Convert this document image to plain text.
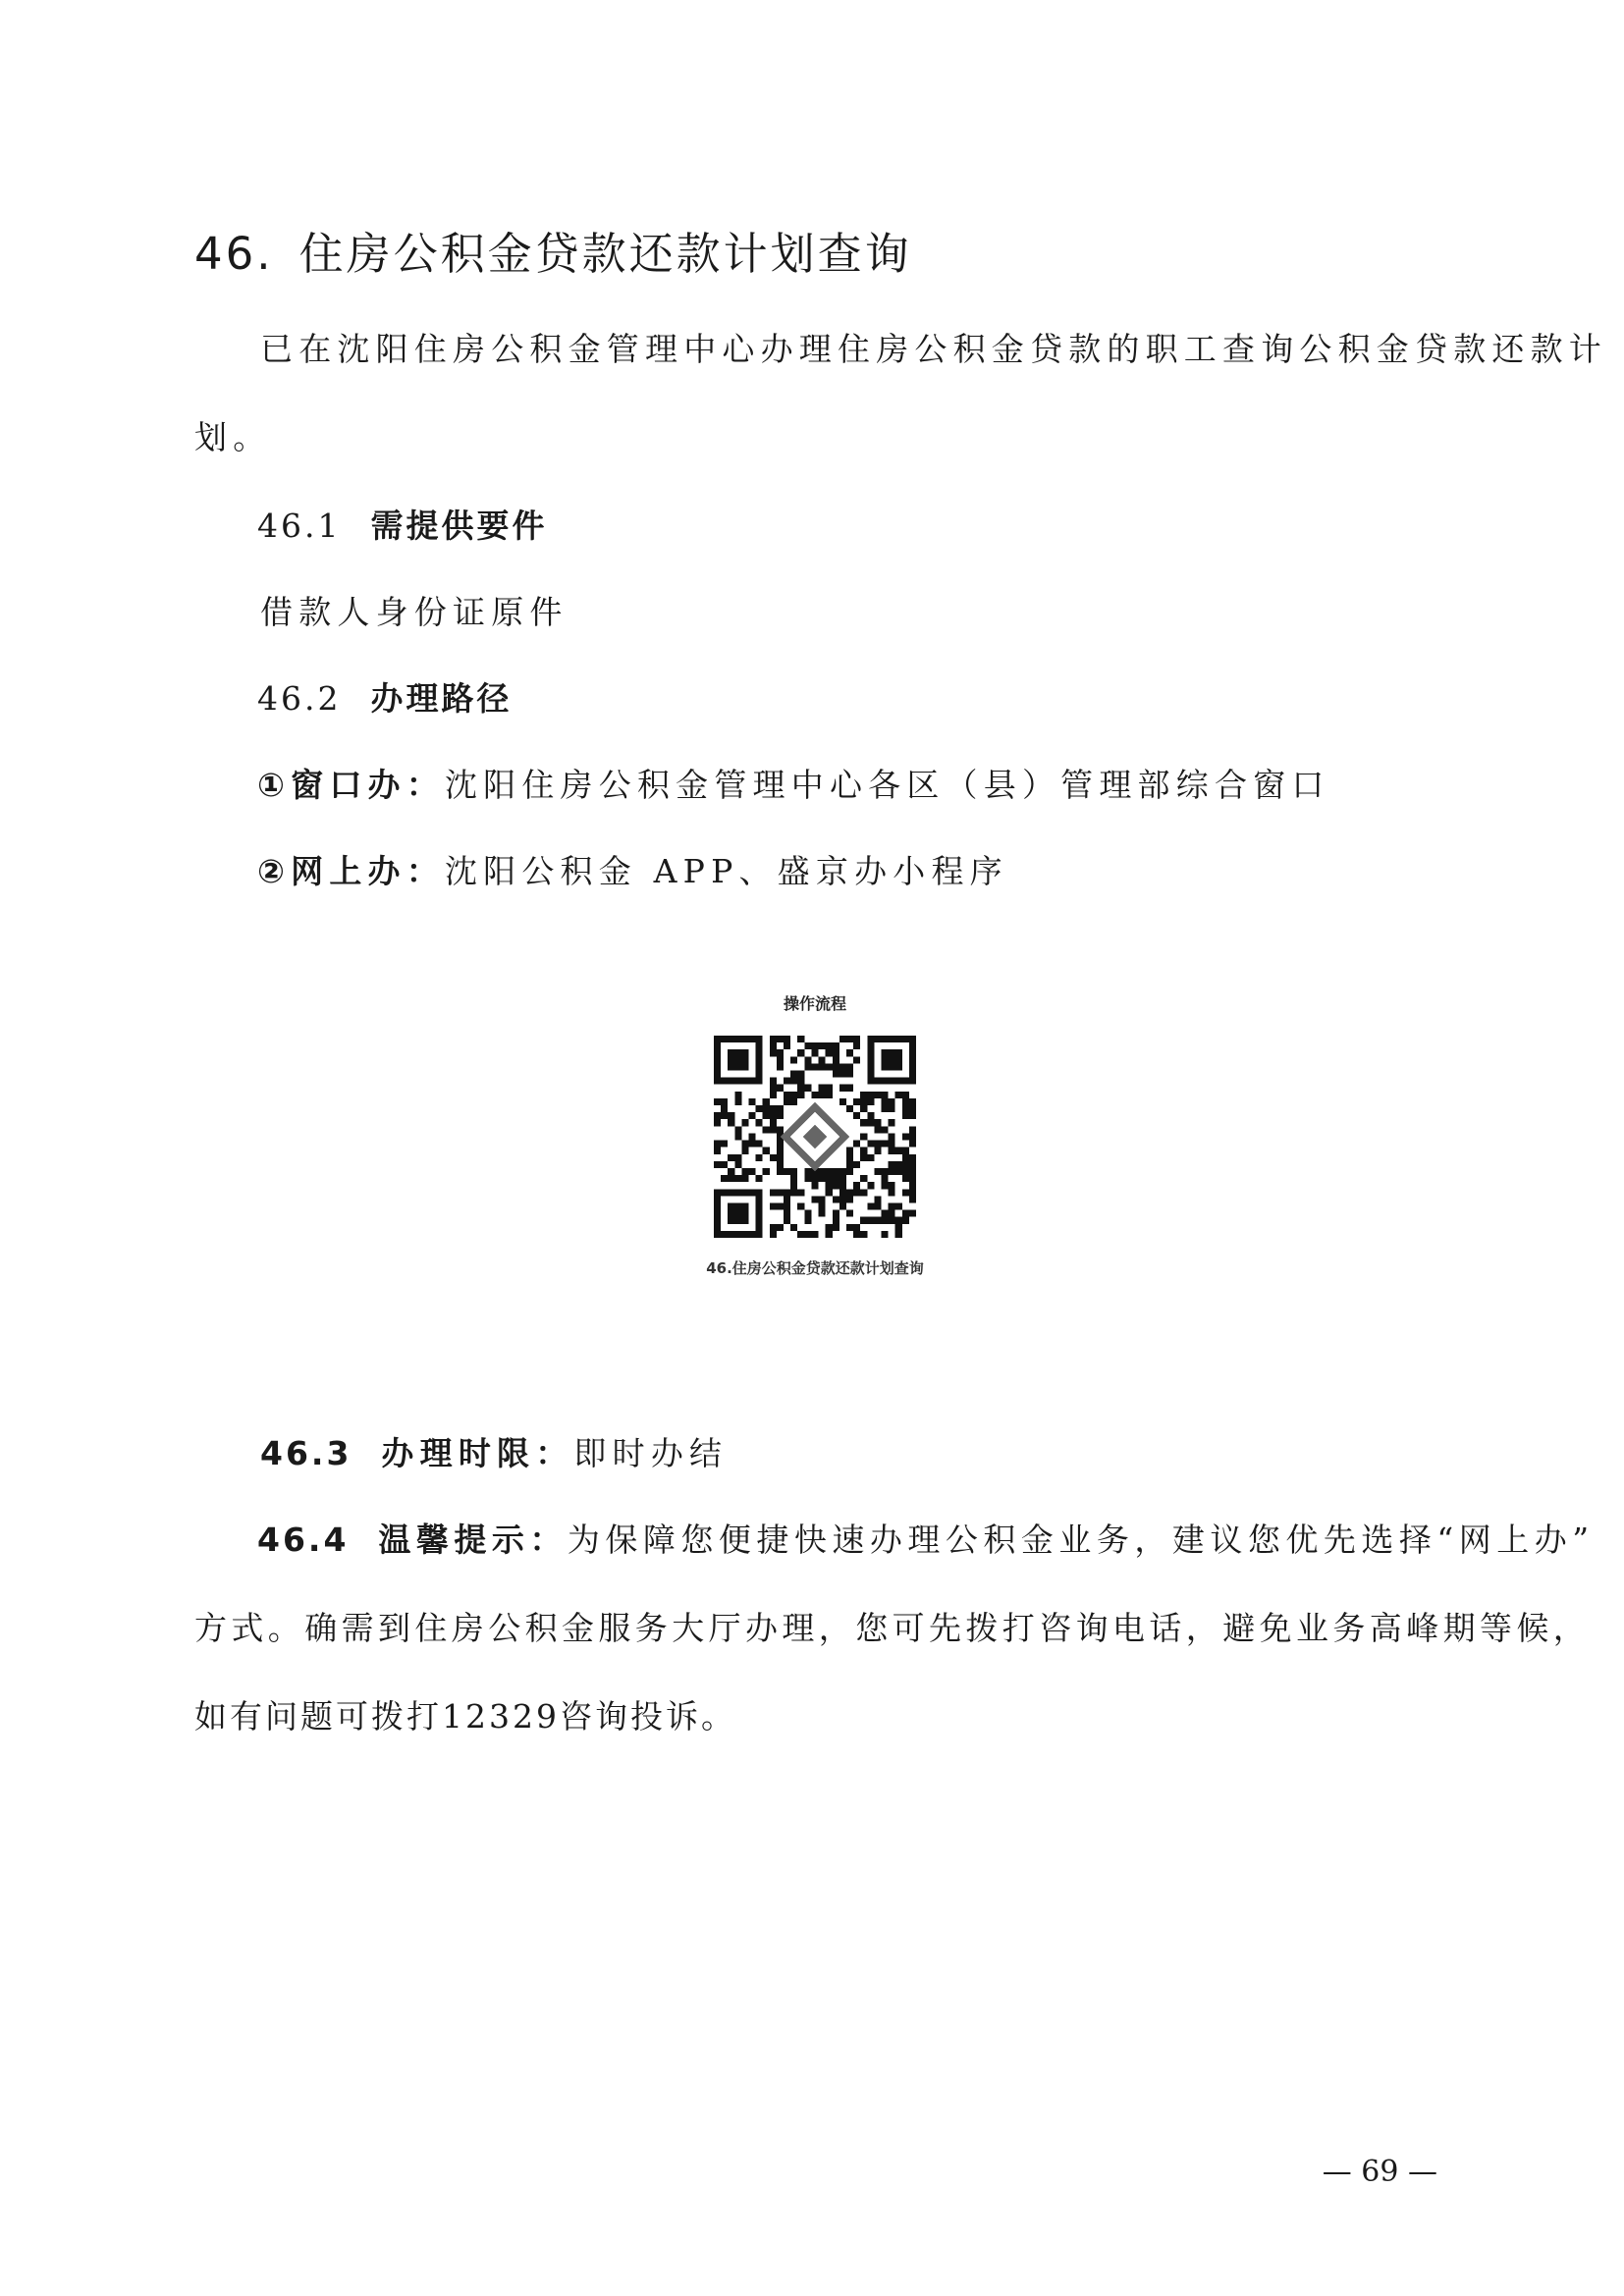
46. 住房公积金贷款还款计划查询
已在沈阳住房公积金管理中心办理住房公积金贷款的职工查询公积金贷款还款计
划。
46.1 需提供要件
借款人身份证原件
46.2 办理路径
①窗口办：沈阳住房公积金管理中心各区（县）管理部综合窗口
②网上办：沈阳公积金 APP、盛京办小程序
操作流程
46.住房公积金贷款还款计划查询
46.3 办理时限：即时办结
46.4 温馨提示：为保障您便捷快速办理公积金业务，建议您优先选择“网上办”
方式。确需到住房公积金服务大厅办理，您可先拨打咨询电话，避免业务高峰期等候，
如有问题可拨打12329咨询投诉。
— 69 —
